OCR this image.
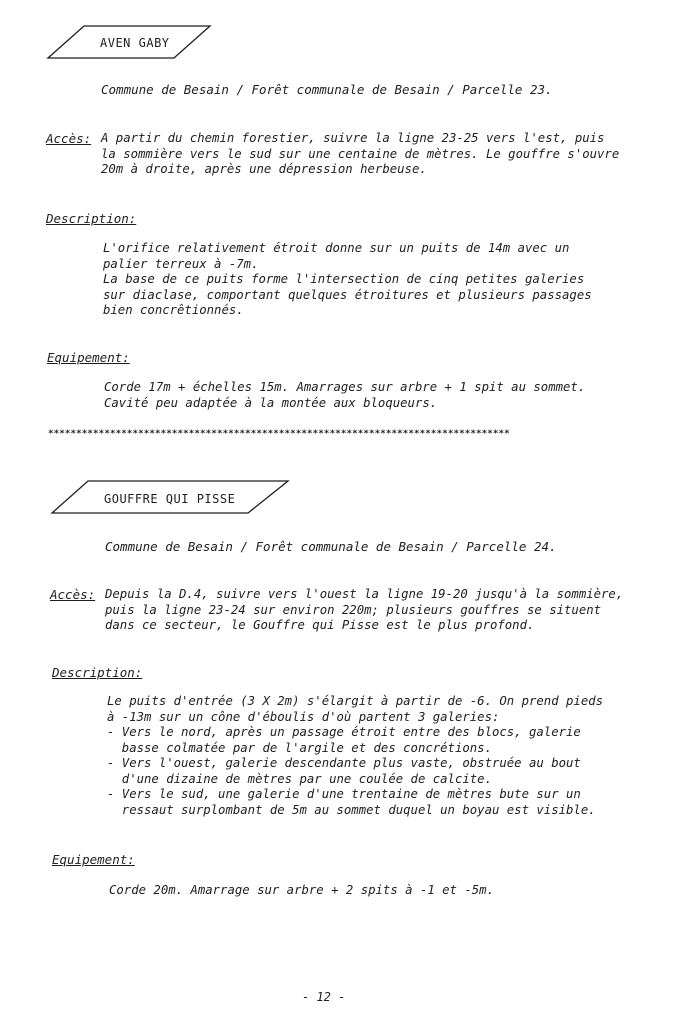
AVEN GABY
Commune de Besain / Forêt communale de Besain / Parcelle 23.
Accès: A partir du chemin forestier, suivre la ligne 23-25 vers l'est, puis
la sommière vers le sud sur une centaine de mètres. Le gouffre s'ouvre
20m à droite, après une dépression herbeuse.
Description:
L'orifice relativement étroit donne sur un puits de 14m avec un
palier terreux à -7m.
La base de ce puits forme l'intersection de cinq petites galeries
sur diaclase, comportant quelques étroitures et plusieurs passages
bien concrêtionnés.
Equipement:
Corde 17m + échelles 15m. Amarrages sur arbre + 1 spit au sommet.
Cavité peu adaptée à la montée aux bloqueurs.
**********************************************************************************
GOUFFRE QUI PISSE
Commune de Besain / Forêt communale de Besain / Parcelle 24.
Accès: Depuis la D.4, suivre vers l'ouest la ligne 19-20 jusqu'à la sommière,
puis la ligne 23-24 sur environ 220m; plusieurs gouffres se situent
dans ce secteur, le Gouffre qui Pisse est le plus profond.
Description:
Le puits d'entrée (3 X 2m) s'élargit à partir de -6. On prend pieds
à -13m sur un cône d'éboulis d'où partent 3 galeries:
- Vers le nord, après un passage étroit entre des blocs, galerie
basse colmatée par de l'argile et des concrétions.
- Vers l'ouest, galerie descendante plus vaste, obstruée au bout
d'une dizaine de mètres par une coulée de calcite.
- Vers le sud, une galerie d'une trentaine de mètres bute sur un
ressaut surplombant de 5m au sommet duquel un boyau est visible.
Equipement:
Corde 20m. Amarrage sur arbre + 2 spits à -1 et -5m.
- 12 -
